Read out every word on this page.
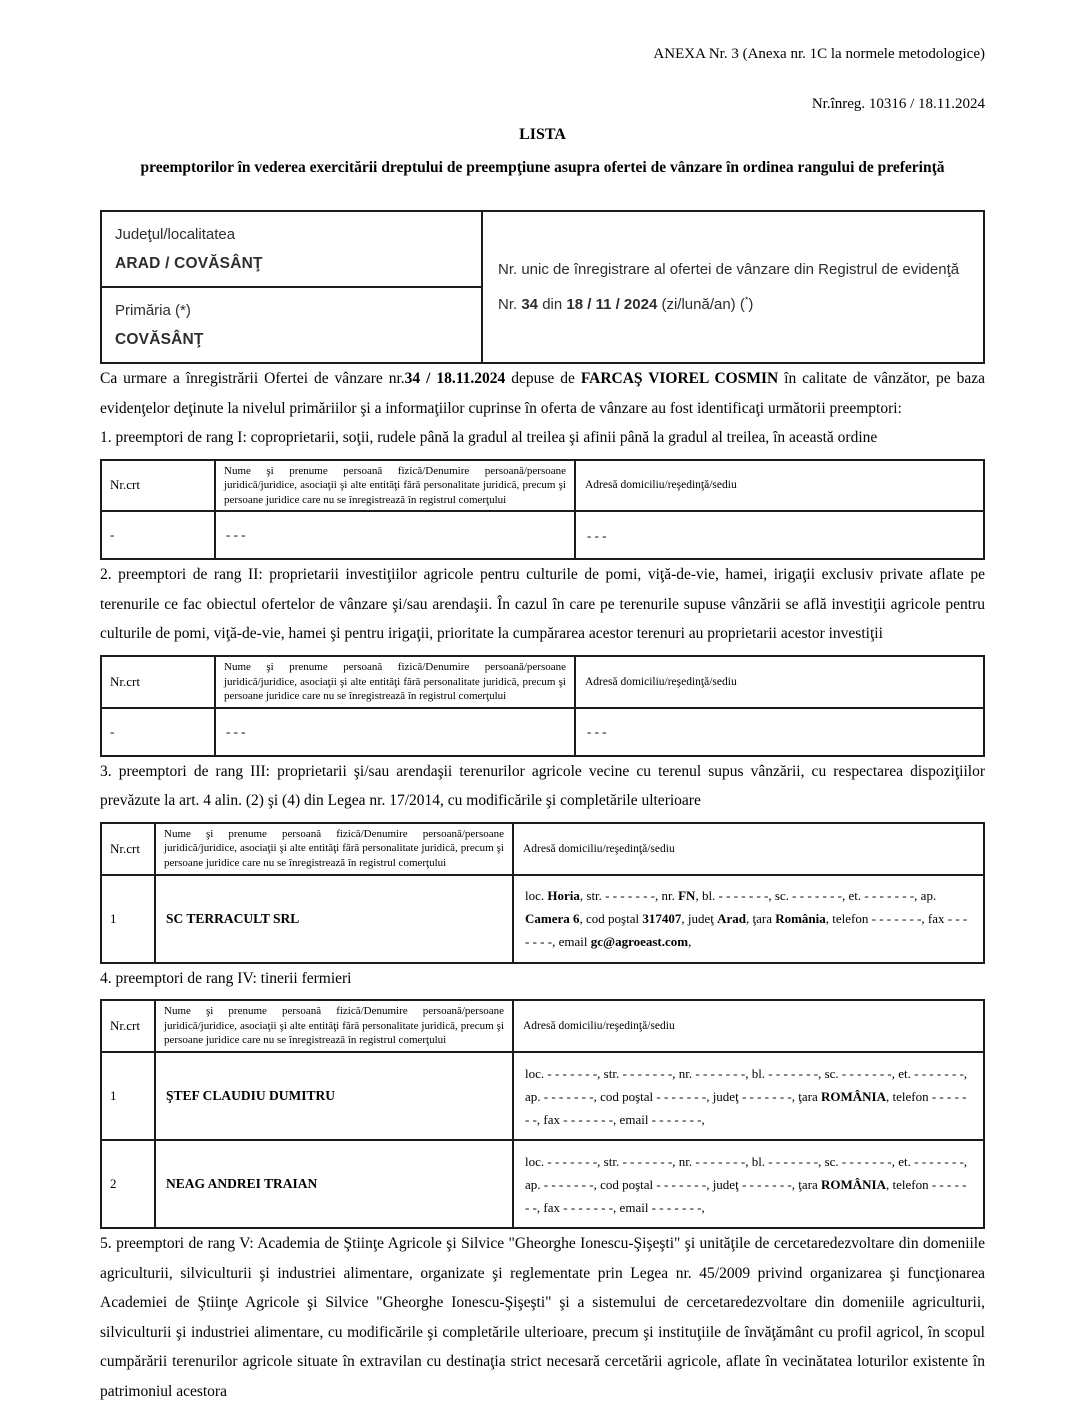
ANEXA Nr. 3 (Anexa nr. 1C la normele metodologice)
Nr.înreg. 10316 / 18.11.2024
LISTA
preemptorilor în vederea exercitării dreptului de preempţiune asupra ofertei de vânzare în ordinea rangului de preferinţă
Judeţul/localitatea
ARAD / COVĂSÂNŢ	Nr. unic de înregistrare al ofertei de vânzare din Registrul de evidenţă
Nr. 34 din 18 / 11 / 2024 (zi/lună/an) (*)

Primăria (*)
COVĂSÂNŢ

Ca urmare a înregistrării Ofertei de vânzare nr.34 / 18.11.2024 depuse de FARCAŞ VIOREL COSMIN în calitate de vânzător, pe baza evidenţelor deţinute la nivelul primăriilor şi a informaţiilor cuprinse în oferta de vânzare au fost identificaţi următorii preemptori:

1. preemptori de rang I: coproprietarii, soţii, rudele până la gradul al treilea şi afinii până la gradul al treilea, în această ordine

Nr.crt	Nume şi prenume persoană fizică/Denumire persoană/persoane juridică/juridice, asociaţii şi alte entităţi fără personalitate juridică, precum şi persoane juridice care nu se înregistrează în registrul comerţului	Adresă domiciliu/reşedinţă/sediu
-	- - -	- - -

2. preemptori de rang II: proprietarii investiţiilor agricole pentru culturile de pomi, viţă-de-vie, hamei, irigaţii exclusiv private aflate pe terenurile ce fac obiectul ofertelor de vânzare şi/sau arendaşii. În cazul în care pe terenurile supuse vânzării se află investiţii agricole pentru culturile de pomi, viţă-de-vie, hamei şi pentru irigaţii, prioritate la cumpărarea acestor terenuri au proprietarii acestor investiţii

Nr.crt	Nume şi prenume persoană fizică/Denumire persoană/persoane juridică/juridice, asociaţii şi alte entităţi fără personalitate juridică, precum şi persoane juridice care nu se înregistrează în registrul comerţului	Adresă domiciliu/reşedinţă/sediu
-	- - -	- - -

3. preemptori de rang III: proprietarii şi/sau arendaşii terenurilor agricole vecine cu terenul supus vânzării, cu respectarea dispoziţiilor prevăzute la art. 4 alin. (2) şi (4) din Legea nr. 17/2014, cu modificările şi completările ulterioare

Nr.crt	Nume şi prenume persoană fizică/Denumire persoană/persoane juridică/juridice, asociaţii şi alte entităţi fără personalitate juridică, precum şi persoane juridice care nu se înregistrează în registrul comerţului	Adresă domiciliu/reşedinţă/sediu
1	SC TERRACULT SRL	loc. Horia, str. - - - - - - -, nr. FN, bl. - - - - - - -, sc. - - - - - - -, et. - - - - - - -, ap. Camera 6, cod poştal 317407, judeţ Arad, ţara România, telefon - - - - - - -, fax - - - - - - -, email gc@agroeast.com,

4. preemptori de rang IV: tinerii fermieri

Nr.crt	Nume şi prenume persoană fizică/Denumire persoană/persoane juridică/juridice, asociaţii şi alte entităţi fără personalitate juridică, precum şi persoane juridice care nu se înregistrează în registrul comerţului	Adresă domiciliu/reşedinţă/sediu
1	ŞTEF CLAUDIU DUMITRU	loc. - - - - - - -, str. - - - - - - -, nr. - - - - - - -, bl. - - - - - - -, sc. - - - - - - -, et. - - - - - - -, ap. - - - - - - -, cod poştal - - - - - - -, judeţ - - - - - - -, ţara ROMÂNIA, telefon - - - - - - -, fax - - - - - - -, email - - - - - - -,
2	NEAG ANDREI TRAIAN	loc. - - - - - - -, str. - - - - - - -, nr. - - - - - - -, bl. - - - - - - -, sc. - - - - - - -, et. - - - - - - -, ap. - - - - - - -, cod poştal - - - - - - -, judeţ - - - - - - -, ţara ROMÂNIA, telefon - - - - - - -, fax - - - - - - -, email - - - - - - -,

5. preemptori de rang V: Academia de Ştiinţe Agricole şi Silvice "Gheorghe Ionescu-Şişeşti" şi unităţile de cercetaredezvoltare din domeniile agriculturii, silviculturii şi industriei alimentare, organizate şi reglementate prin Legea nr. 45/2009 privind organizarea şi funcţionarea Academiei de Ştiinţe Agricole şi Silvice "Gheorghe Ionescu-Şişeşti" şi a sistemului de cercetaredezvoltare din domeniile agriculturii, silviculturii şi industriei alimentare, cu modificările şi completările ulterioare, precum şi instituţiile de învăţământ cu profil agricol, în scopul cumpărării terenurilor agricole situate în extravilan cu destinaţia strict necesară cercetării agricole, aflate în vecinătatea loturilor existente în patrimoniul acestora
